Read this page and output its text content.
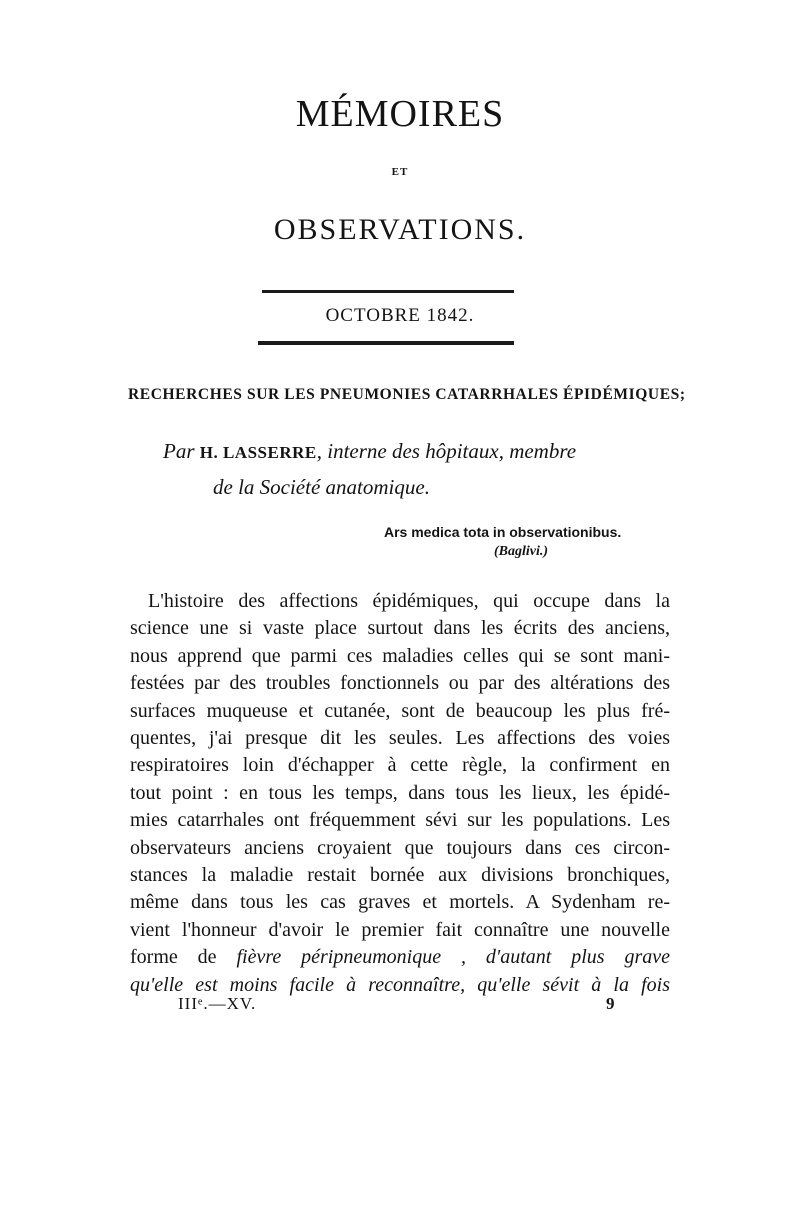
MÉMOIRES
ET
OBSERVATIONS.
OCTOBRE 1842.
RECHERCHES SUR LES PNEUMONIES CATARRHALES ÉPIDÉMIQUES;
Par H. LASSERRE, interne des hôpitaux, membre
de la Société anatomique.
Ars medica tota in observationibus.
(Baglivi.)
L'histoire des affections épidémiques, qui occupe dans la
science une si vaste place surtout dans les écrits des anciens,
nous apprend que parmi ces maladies celles qui se sont mani-
festées par des troubles fonctionnels ou par des altérations des
surfaces muqueuse et cutanée, sont de beaucoup les plus fré-
quentes, j'ai presque dit les seules. Les affections des voies
respiratoires loin d'échapper à cette règle, la confirment en
tout point : en tous les temps, dans tous les lieux, les épidé-
mies catarrhales ont fréquemment sévi sur les populations. Les
observateurs anciens croyaient que toujours dans ces circon-
stances la maladie restait bornée aux divisions bronchiques,
même dans tous les cas graves et mortels. A Sydenham re-
vient l'honneur d'avoir le premier fait connaître une nouvelle
forme de fièvre péripneumonique , d'autant plus grave
qu'elle est moins facile à reconnaître, qu'elle sévit à la fois
IIIᵉ.—XV.	9
